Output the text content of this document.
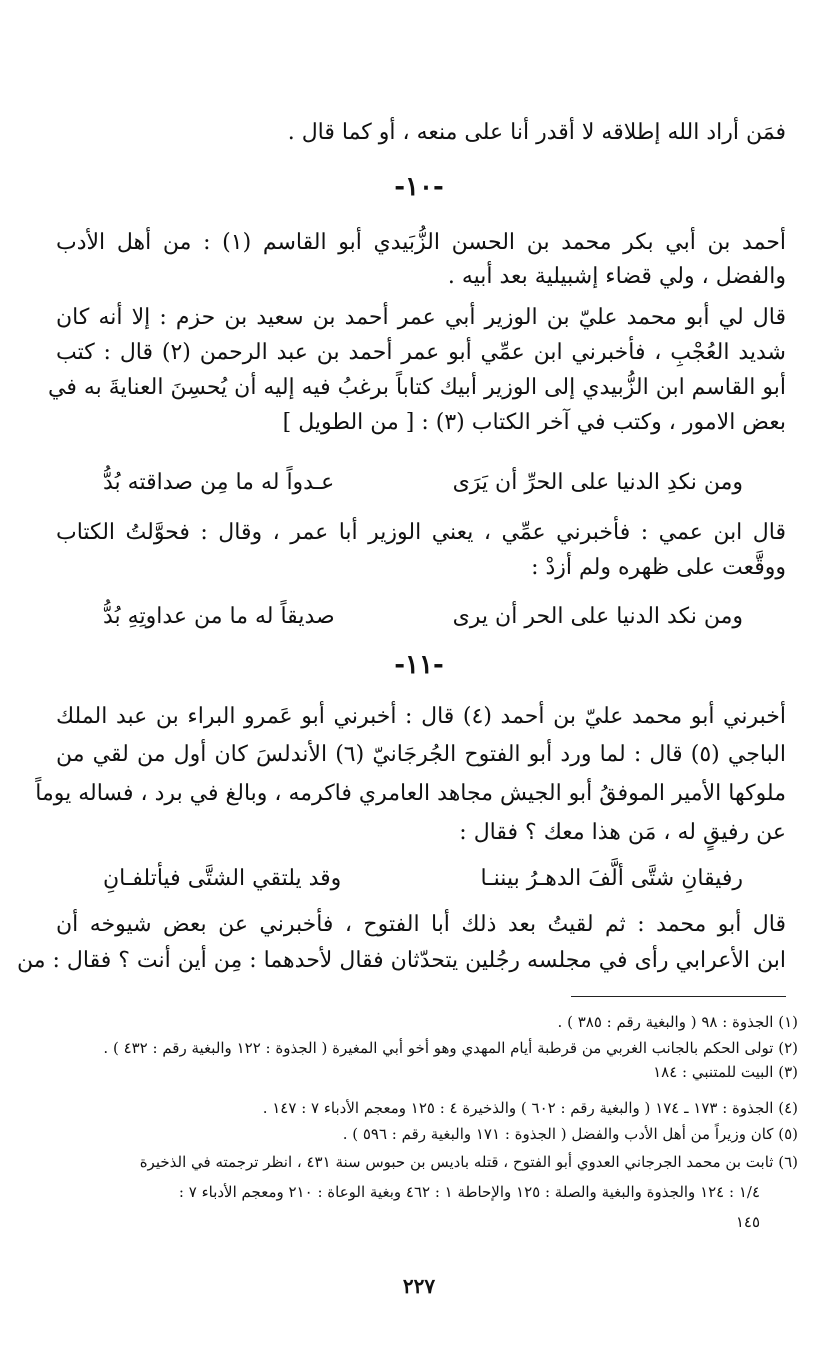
فمَن أراد الله إطلاقه لا أقدر أنا على منعه ، أو كما قال .
-١٠-
أحمد بن أبي بكر محمد بن الحسن الزُّبَيدي أبو القاسم (١) : من أهل الأدب
والفضل ، ولي قضاء إشبيلية بعد أبيه .
قال لي أبو محمد عليّ بن الوزير أبي عمر أحمد بن سعيد بن حزم : إلا أنه كان
شديد العُجْبِ ، فأخبرني ابن عمِّي أبو عمر أحمد بن عبد الرحمن (٢) قال : كتب
أبو القاسم ابن الزُّبيدي إلى الوزير أبيك كتاباً برغبُ فيه إليه أن يُحسِنَ العنايةَ به في
بعض الامور ، وكتب في آخر الكتاب (٣) : [ من الطويل ]
ومن نكدِ الدنيا على الحرِّ أن يَرَى
عـدواً له ما مِن صداقته بُدُّ
قال ابن عمي : فأخبرني عمِّي ، يعني الوزير أبا عمر ، وقال : فحوَّلتُ الكتاب
ووقَّعت على ظهره ولم أزدْ :
ومن نكد الدنيا على الحر أن يرى
صديقاً له ما من عداوتِهِ بُدُّ
-١١-
أخبرني أبو محمد عليّ بن أحمد (٤) قال : أخبرني أبو عَمرو البراء بن عبد الملك
الباجي (٥) قال : لما ورد أبو الفتوح الجُرجَانيّ (٦) الأندلسَ كان أول من لقي من
ملوكها الأمير الموفقُ أبو الجيش مجاهد العامري فاكرمه ، وبالغ في برد ، فساله يوماً
عن رفيقٍ له ، مَن هذا معك ؟ فقال :
رفيقانِ شتَّى ألَّفَ الدهـرُ بيننـا
وقد يلتقي الشتَّى فيأتلفـانِ
قال أبو محمد : ثم لقيتُ بعد ذلك أبا الفتوح ، فأخبرني عن بعض شيوخه أن
ابن الأعرابي رأى في مجلسه رجُلين يتحدّثان فقال لأحدهما : مِن أين أنت ؟ فقال : من
(١) الجذوة : ٩٨ ( والبغية رقم : ٣٨٥ ) .
(٢) تولى الحكم بالجانب الغربي من قرطبة أيام المهدي وهو أخو أبي المغيرة ( الجذوة : ١٢٢ والبغية رقم : ٤٣٢ ) .
(٣) البيت للمتنبي : ١٨٤
(٤) الجذوة : ١٧٣ ـ ١٧٤ ( والبغية رقم : ٦٠٢ ) والذخيرة ٤ : ١٢٥ ومعجم الأدباء ٧ : ١٤٧ .
(٥) كان وزيراً من أهل الأدب والفضل ( الجذوة : ١٧١ والبغية رقم : ٥٩٦ ) .
(٦) ثابت بن محمد الجرجاني العدوي أبو الفتوح ، قتله باديس بن حبوس سنة ٤٣١ ، انظر ترجمته في الذخيرة
١/٤ : ١٢٤ والجذوة والبغية والصلة : ١٢٥ والإحاطة ١ : ٤٦٢ وبغية الوعاة : ٢١٠ ومعجم الأدباء ٧ :
١٤٥
٢٢٧
